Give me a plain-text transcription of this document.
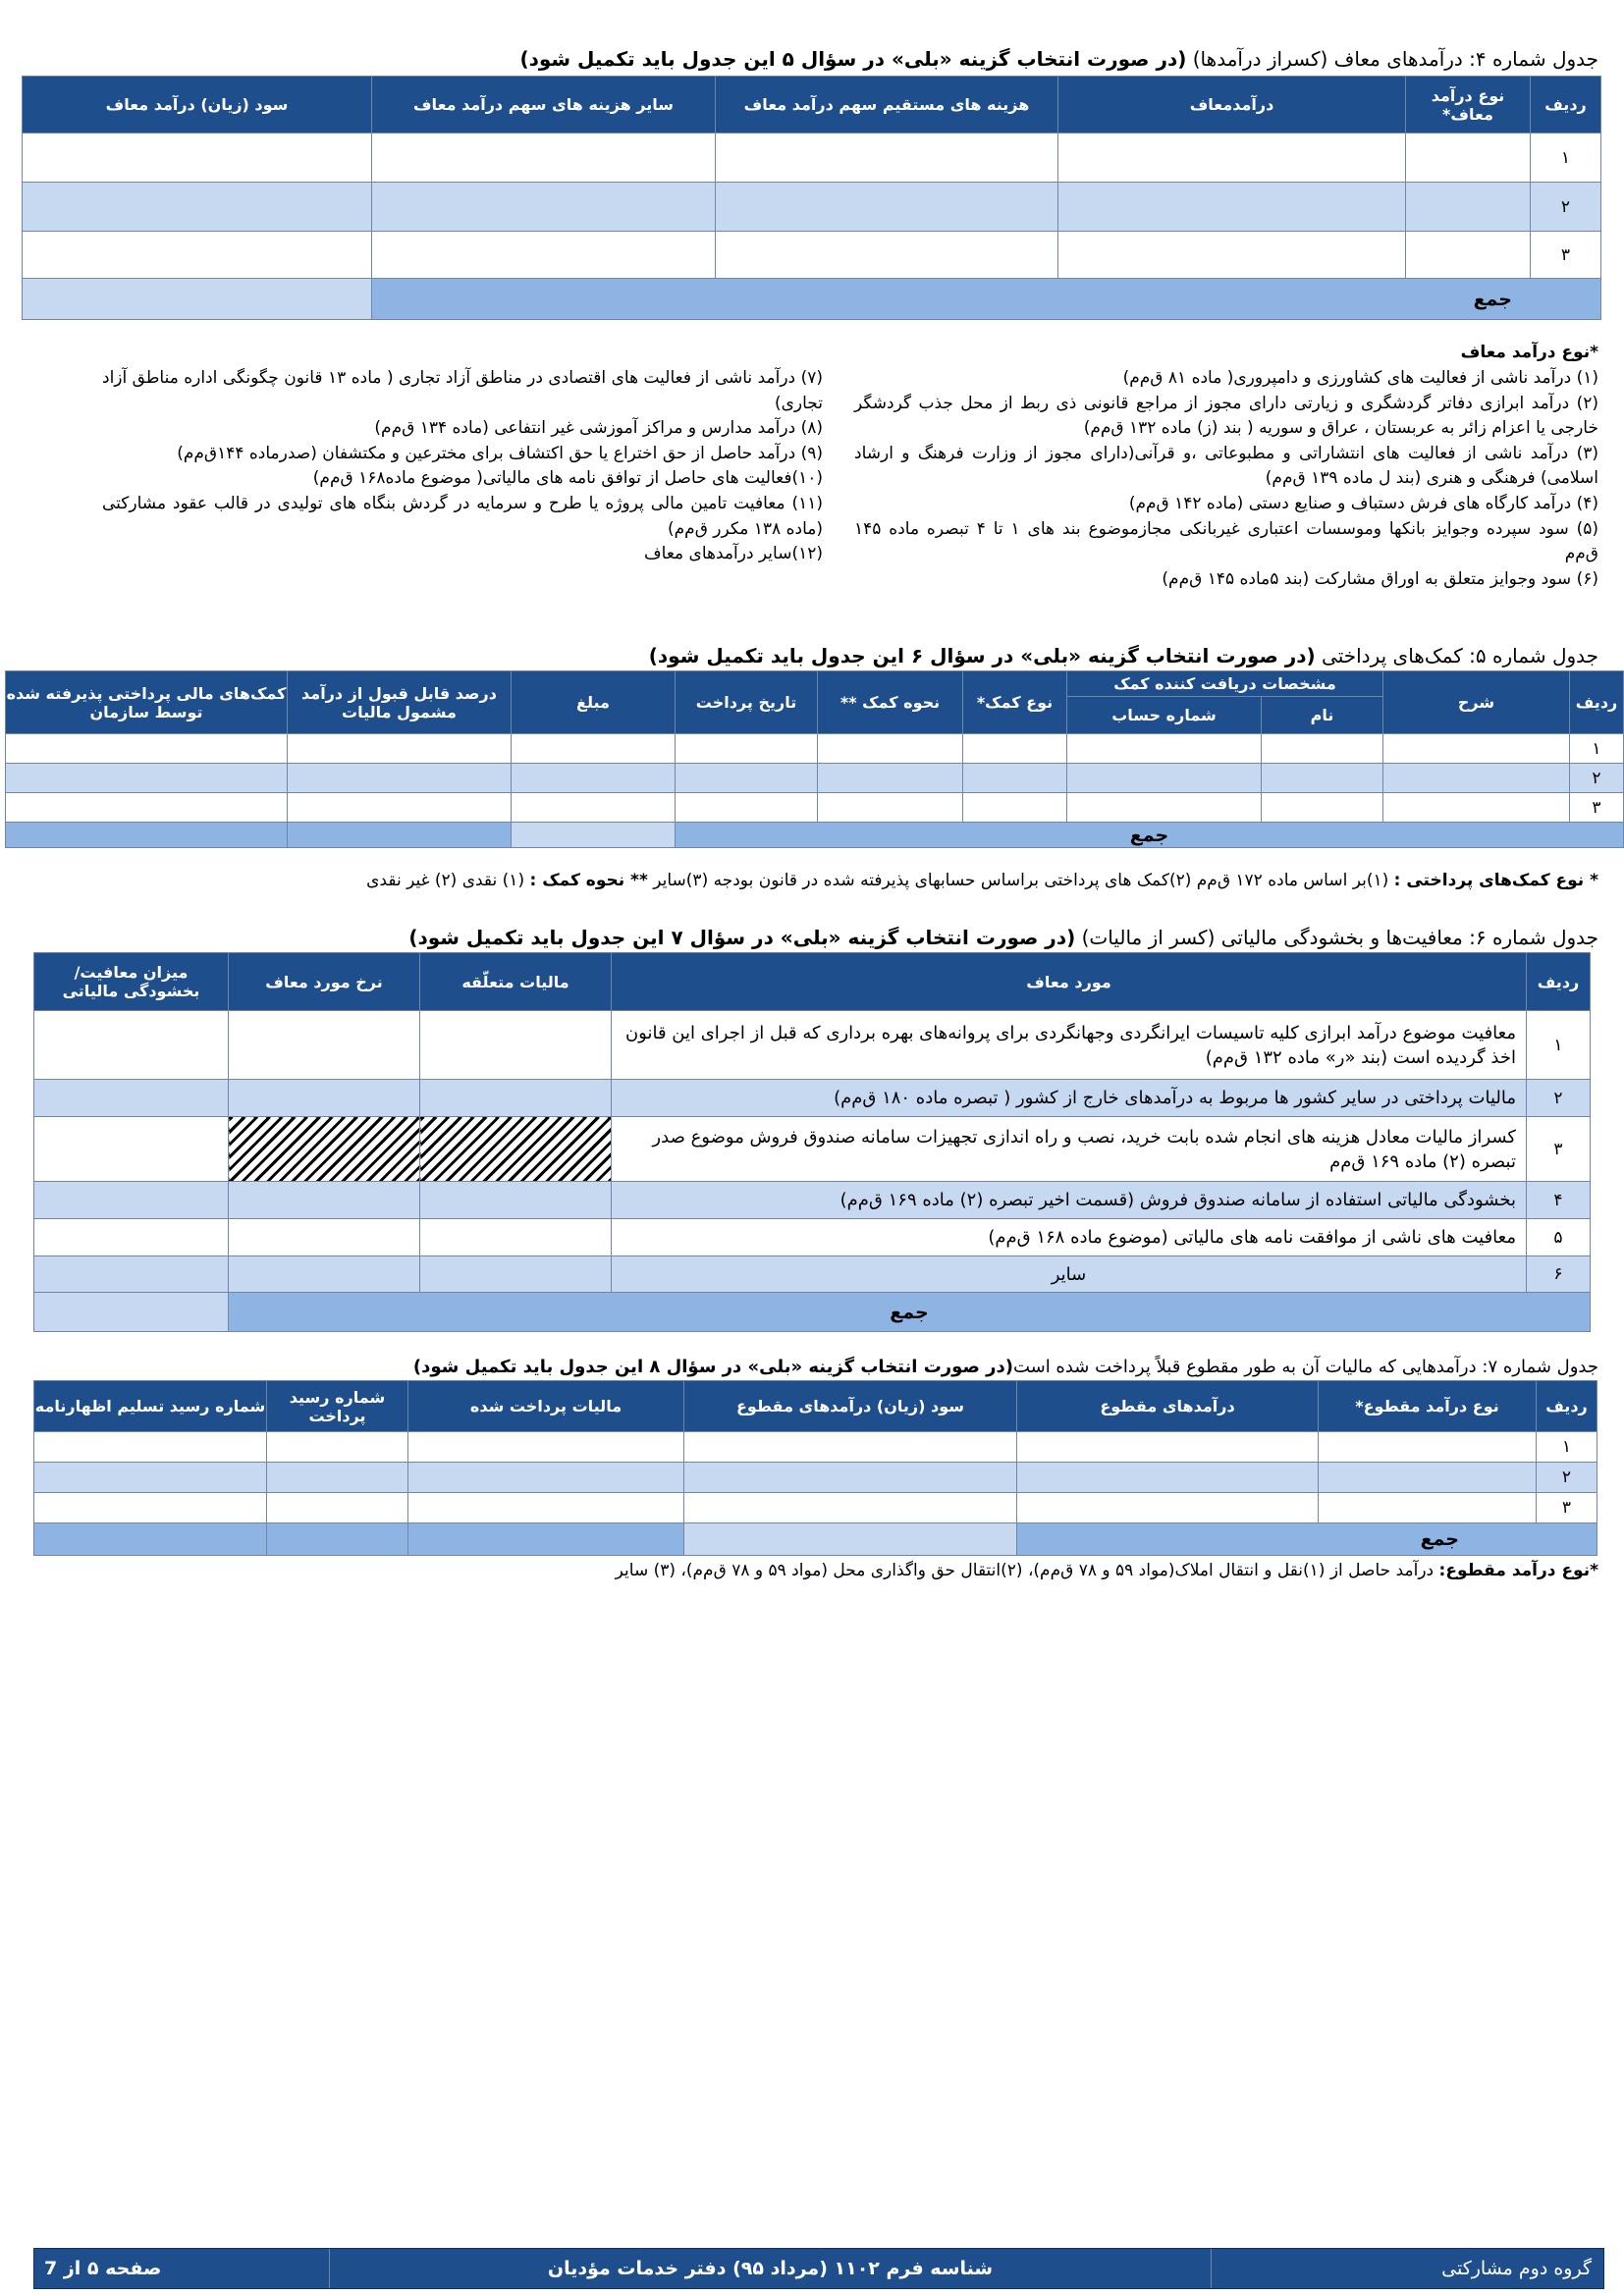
جدول شماره ۴: درآمدهای معاف (کسراز درآمدها) (در صورت انتخاب گزینه «بلی» در سؤال ۵ این جدول باید تکمیل شود)
ردیف	نوع درآمد معاف*	درآمدمعاف	هزینه های مستقیم سهم درآمد معاف	سایر هزینه های سهم درآمد معاف	سود (زیان) درآمد معاف
۱					
۲					
۳					
جمع					
*نوع درآمد معاف

(۱) درآمد ناشی از فعالیت های کشاورزی و دامپروری( ماده ۸۱ ق‌م‌م)

(۲) درآمد ابرازی دفاتر گردشگری و زیارتی دارای مجوز از مراجع قانونی ذی ربط از محل جذب گردشگر خارجی یا اعزام زائر به عربستان ، عراق و سوریه ( بند (ز) ماده ۱۳۲ ق‌م‌م)

(۳) درآمد ناشی از فعالیت های انتشاراتی و مطبوعاتی ،و قرآنی(دارای مجوز از وزارت فرهنگ و ارشاد اسلامی) فرهنگی و هنری (بند ل ماده ۱۳۹ ق‌م‌م)

(۴) درآمد کارگاه های فرش دستباف و صنایع دستی (ماده ۱۴۲ ق‌م‌م)

(۵) سود سپرده وجوایز بانکها وموسسات اعتباری غیربانکی مجازموضوع بند های ۱ تا ۴ تبصره ماده ۱۴۵ ق‌م‌م

(۶) سود وجوایز متعلق به اوراق مشارکت (بند ۵ماده ۱۴۵ ق‌م‌م)

(۷) درآمد ناشی از فعالیت های اقتصادی در مناطق آزاد تجاری ( ماده ۱۳ قانون چگونگی اداره مناطق آزاد تجاری)

(۸) درآمد مدارس و مراکز آموزشی غیر انتفاعی (ماده ۱۳۴ ق‌م‌م)

(۹) درآمد حاصل از حق اختراع یا حق اکتشاف برای مخترعین و مکتشفان (صدرماده ۱۴۴ق‌م‌م)

(۱۰)فعالیت های حاصل از توافق نامه های مالیاتی( موضوع ماده۱۶۸ ق‌م‌م)

(۱۱) معافیت تامین مالی پروژه یا طرح و سرمایه در گردش بنگاه های تولیدی در قالب عقود مشارکتی (ماده ۱۳۸ مکرر ق‌م‌م)

(۱۲)سایر درآمدهای معاف

جدول شماره ۵: کمک‌های پرداختی (در صورت انتخاب گزینه «بلی» در سؤال ۶ این جدول باید تکمیل شود)
ردیف	شرح	مشخصات دریافت کننده کمک		نوع کمک*	نحوه کمک **	تاریخ پرداخت	مبلغ	درصد قابل قبول از درآمد مشمول مالیات	کمک‌های مالی پرداختی پذیرفته شده توسط سازمان
		نام	شماره حساب						
۱									
۲									
۳									
جمع									
* نوع کمک‌های پرداختی : (۱)بر اساس ماده ۱۷۲ ق‌م‌م (۲)کمک های پرداختی براساس حسابهای پذیرفته شده در قانون بودجه (۳)سایر ** نحوه کمک : (۱) نقدی (۲) غیر نقدی
جدول شماره ۶: معافیت‌ها و بخشودگی مالیاتی (کسر از مالیات) (در صورت انتخاب گزینه «بلی» در سؤال ۷ این جدول باید تکمیل شود)
ردیف	مورد معاف	مالیات متعلّقه	نرخ مورد معاف	میزان معافیت/ بخشودگی مالیاتی
۱	معافیت موضوع درآمد ابرازی کلیه تاسیسات ایرانگردی وجهانگردی برای پروانه‌های بهره برداری که قبل از اجرای این قانون اخذ گردیده است (بند «ر» ماده ۱۳۲ ق‌م‌م)			
۲	مالیات پرداختی در سایر کشور ها مربوط به درآمدهای خارج از کشور ( تبصره ماده ۱۸۰ ق‌م‌م)			
۳	کسراز مالیات معادل هزینه های انجام شده بابت خرید، نصب و راه اندازی تجهیزات سامانه صندوق فروش موضوع صدر تبصره (۲) ماده ۱۶۹ ق‌م‌م			
۴	بخشودگی مالیاتی استفاده از سامانه صندوق فروش (قسمت اخیر تبصره (۲) ماده ۱۶۹ ق‌م‌م)			
۵	معافیت های ناشی از موافقت نامه های مالیاتی (موضوع ماده ۱۶۸ ق‌م‌م)			
۶	سایر			
جمع				
جدول شماره ۷: درآمدهایی که مالیات آن به طور مقطوع قبلاً پرداخت شده است(در صورت انتخاب گزینه «بلی» در سؤال ۸ این جدول باید تکمیل شود)
ردیف	نوع درآمد مقطوع*	درآمدهای مقطوع	سود (زیان) درآمدهای مقطوع	مالیات پرداخت شده	شماره رسید پرداخت	شماره رسید تسلیم اظهارنامه
۱						
۲						
۳						
جمع						
*نوع درآمد مقطوع: درآمد حاصل از (۱)نقل و انتقال املاک(مواد ۵۹ و ۷۸ ق‌م‌م)، (۲)انتقال حق واگذاری محل (مواد ۵۹ و ۷۸ ق‌م‌م)، (۳) سایر
گروه دوم مشارکتی
شناسه فرم ۱۱۰۲ (مرداد ۹۵) دفتر خدمات مؤدیان
صفحه ۵ از 7
